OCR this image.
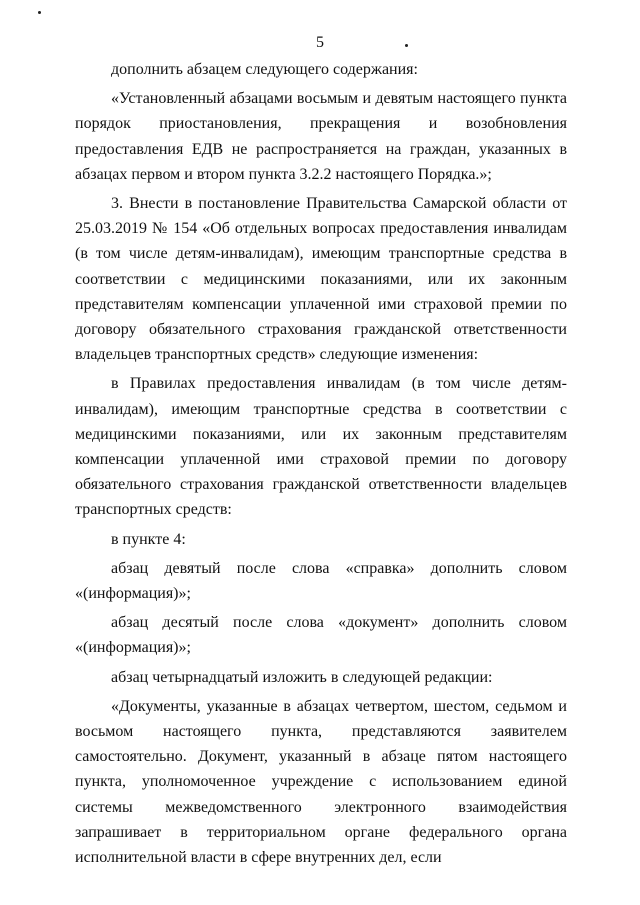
5

дополнить абзацем следующего содержания:

«Установленный абзацами восьмым и девятым настоящего пункта порядок приостановления, прекращения и возобновления предоставления ЕДВ не распространяется на граждан, указанных в абзацах первом и втором пункта 3.2.2 настоящего Порядка.»;

3. Внести в постановление Правительства Самарской области от 25.03.2019 № 154 «Об отдельных вопросах предоставления инвалидам (в том числе детям-инвалидам), имеющим транспортные средства в соответствии с медицинскими показаниями, или их законным представителям компенсации уплаченной ими страховой премии по договору обязательного страхования гражданской ответственности владельцев транспортных средств» следующие изменения:

в Правилах предоставления инвалидам (в том числе детям-инвалидам), имеющим транспортные средства в соответствии с медицинскими показаниями, или их законным представителям компенсации уплаченной ими страховой премии по договору обязательного страхования гражданской ответственности владельцев транспортных средств:

в пункте 4:

абзац девятый после слова «справка» дополнить словом «(информация)»;

абзац десятый после слова «документ» дополнить словом «(информация)»;

абзац четырнадцатый изложить в следующей редакции:

«Документы, указанные в абзацах четвертом, шестом, седьмом и восьмом настоящего пункта, представляются заявителем самостоятельно. Документ, указанный в абзаце пятом настоящего пункта, уполномоченное учреждение с использованием единой системы межведомственного электронного взаимодействия запрашивает в территориальном органе федерального органа исполнительной власти в сфере внутренних дел, если
